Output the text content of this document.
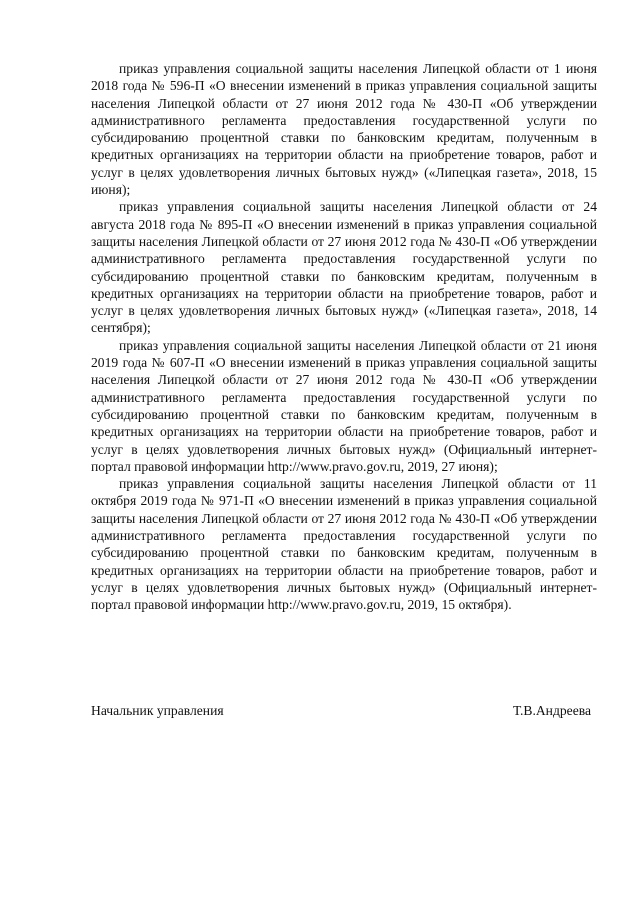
приказ управления социальной защиты населения Липецкой области от 1 июня 2018 года № 596-П «О внесении изменений в приказ управления социальной защиты населения Липецкой области от 27 июня 2012 года № 430-П «Об утверждении административного регламента предоставления государственной услуги по субсидированию процентной ставки по банковским кредитам, полученным в кредитных организациях на территории области на приобретение товаров, работ и услуг в целях удовлетворения личных бытовых нужд» («Липецкая газета», 2018, 15 июня);

приказ управления социальной защиты населения Липецкой области от 24 августа 2018 года № 895-П «О внесении изменений в приказ управления социальной защиты населения Липецкой области от 27 июня 2012 года № 430-П «Об утверждении административного регламента предоставления государственной услуги по субсидированию процентной ставки по банковским кредитам, полученным в кредитных организациях на территории области на приобретение товаров, работ и услуг в целях удовлетворения личных бытовых нужд» («Липецкая газета», 2018, 14 сентября);

приказ управления социальной защиты населения Липецкой области от 21 июня 2019 года № 607-П «О внесении изменений в приказ управления социальной защиты населения Липецкой области от 27 июня 2012 года № 430-П «Об утверждении административного регламента предоставления государственной услуги по субсидированию процентной ставки по банковским кредитам, полученным в кредитных организациях на территории области на приобретение товаров, работ и услуг в целях удовлетворения личных бытовых нужд» (Официальный интернет-портал правовой информации http://www.pravo.gov.ru, 2019, 27 июня);

приказ управления социальной защиты населения Липецкой области от 11 октября 2019 года № 971-П «О внесении изменений в приказ управления социальной защиты населения Липецкой области от 27 июня 2012 года № 430-П «Об утверждении административного регламента предоставления государственной услуги по субсидированию процентной ставки по банковским кредитам, полученным в кредитных организациях на территории области на приобретение товаров, работ и услуг в целях удовлетворения личных бытовых нужд» (Официальный интернет-портал правовой информации http://www.pravo.gov.ru, 2019, 15 октября).

Начальник управления	Т.В.Андреева
